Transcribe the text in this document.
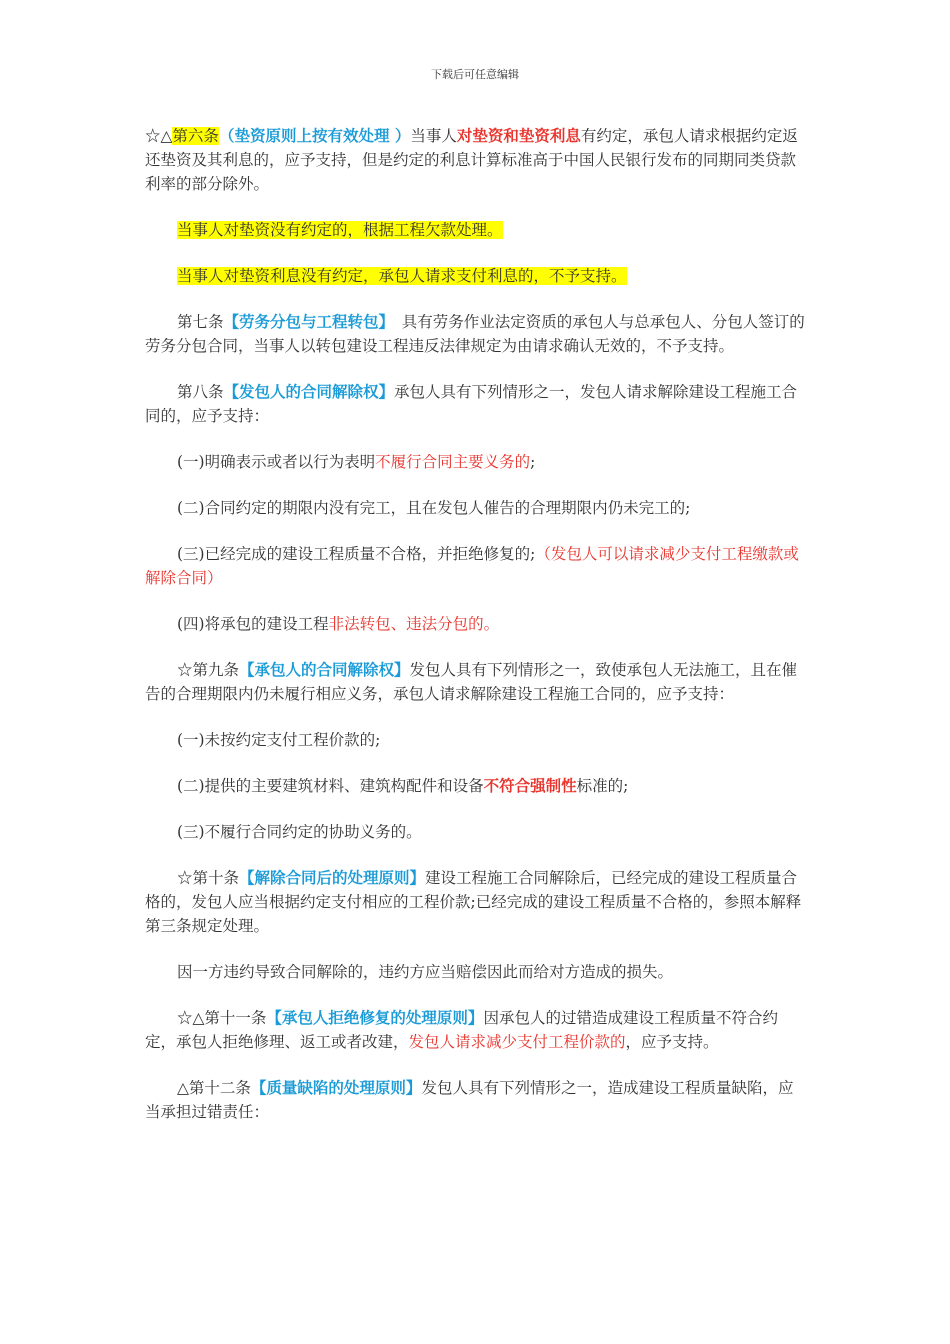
下载后可任意编辑

☆△第六条（垫资原则上按有效处理 ）当事人对垫资和垫资利息有约定，承包人请求根据约定返还垫资及其利息的，应予支持，但是约定的利息计算标准高于中国人民银行发布的同期同类贷款利率的部分除外。

当事人对垫资没有约定的，根据工程欠款处理。

当事人对垫资利息没有约定，承包人请求支付利息的，不予支持。

第七条【劳务分包与工程转包】　具有劳务作业法定资质的承包人与总承包人、分包人签订的劳务分包合同，当事人以转包建设工程违反法律规定为由请求确认无效的，不予支持。

第八条【发包人的合同解除权】承包人具有下列情形之一，发包人请求解除建设工程施工合同的，应予支持：

(一)明确表示或者以行为表明不履行合同主要义务的;

(二)合同约定的期限内没有完工，且在发包人催告的合理期限内仍未完工的;

(三)已经完成的建设工程质量不合格，并拒绝修复的;（发包人可以请求减少支付工程缴款或解除合同）

(四)将承包的建设工程非法转包、违法分包的。

☆第九条【承包人的合同解除权】发包人具有下列情形之一，致使承包人无法施工，且在催告的合理期限内仍未履行相应义务，承包人请求解除建设工程施工合同的，应予支持：

(一)未按约定支付工程价款的;

(二)提供的主要建筑材料、建筑构配件和设备不符合强制性标准的;

(三)不履行合同约定的协助义务的。

☆第十条【解除合同后的处理原则】建设工程施工合同解除后，已经完成的建设工程质量合格的，发包人应当根据约定支付相应的工程价款;已经完成的建设工程质量不合格的，参照本解释第三条规定处理。

因一方违约导致合同解除的，违约方应当赔偿因此而给对方造成的损失。

☆△第十一条【承包人拒绝修复的处理原则】因承包人的过错造成建设工程质量不符合约定，承包人拒绝修理、返工或者改建，发包人请求减少支付工程价款的，应予支持。

△第十二条【质量缺陷的处理原则】发包人具有下列情形之一，造成建设工程质量缺陷，应当承担过错责任：
